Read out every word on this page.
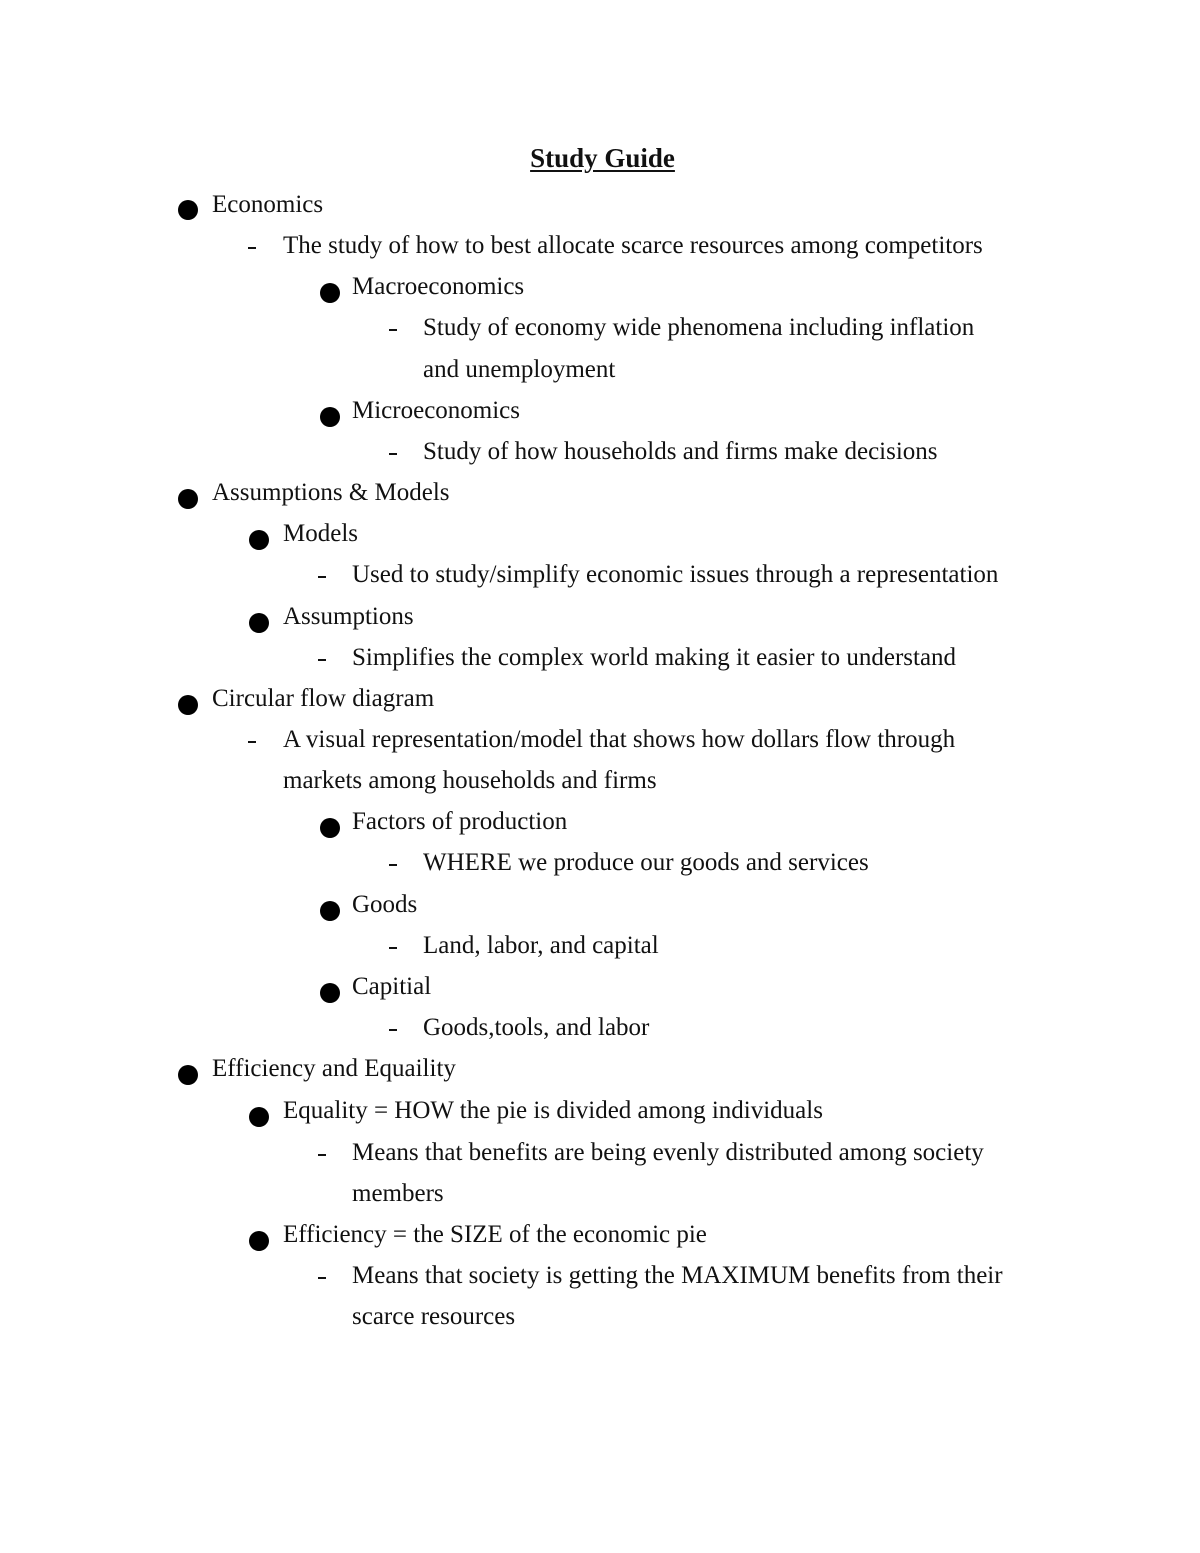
Study Guide
Economics
The study of how to best allocate scarce resources among competitors
Macroeconomics
Study of economy wide phenomena including inflation
and unemployment
Microeconomics
Study of how households and firms make decisions
Assumptions & Models
Models
Used to study/simplify economic issues through a representation
Assumptions
Simplifies the complex world making it easier to understand
Circular flow diagram
A visual representation/model that shows how dollars flow through
markets among households and firms
Factors of production
WHERE we produce our goods and services
Goods
Land, labor, and capital
Capitial
Goods,tools, and labor
Efficiency and Equaility
Equality = HOW the pie is divided among individuals
Means that benefits are being evenly distributed among society
members
Efficiency = the SIZE of the economic pie
Means that society is getting the MAXIMUM benefits from their
scarce resources
